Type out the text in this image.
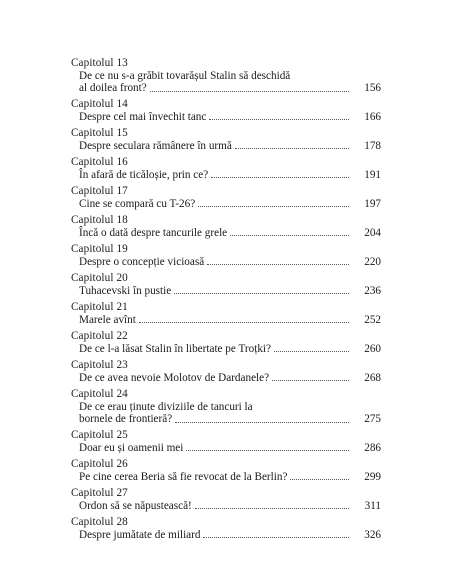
Capitolul 13
De ce nu s-a grăbit tovarășul Stalin să deschidă
al doilea front?	156
Capitolul 14
Despre cel mai învechit tanc	166
Capitolul 15
Despre seculara rămânere în urmă	178
Capitolul 16
În afară de ticăloșie, prin ce?	191
Capitolul 17
Cine se compară cu T-26?	197
Capitolul 18
Încă o dată despre tancurile grele	204
Capitolul 19
Despre o concepție vicioasă	220
Capitolul 20
Tuhacevski în pustie	236
Capitolul 21
Marele avînt	252
Capitolul 22
De ce l-a lăsat Stalin în libertate pe Troțki?	260
Capitolul 23
De ce avea nevoie Molotov de Dardanele?	268
Capitolul 24
De ce erau ținute diviziile de tancuri la
bornele de frontieră?	275
Capitolul 25
Doar eu și oamenii mei	286
Capitolul 26
Pe cine cerea Beria să fie revocat de la Berlin?	299
Capitolul 27
Ordon să se năpustească!	311
Capitolul 28
Despre jumătate de miliard	326
